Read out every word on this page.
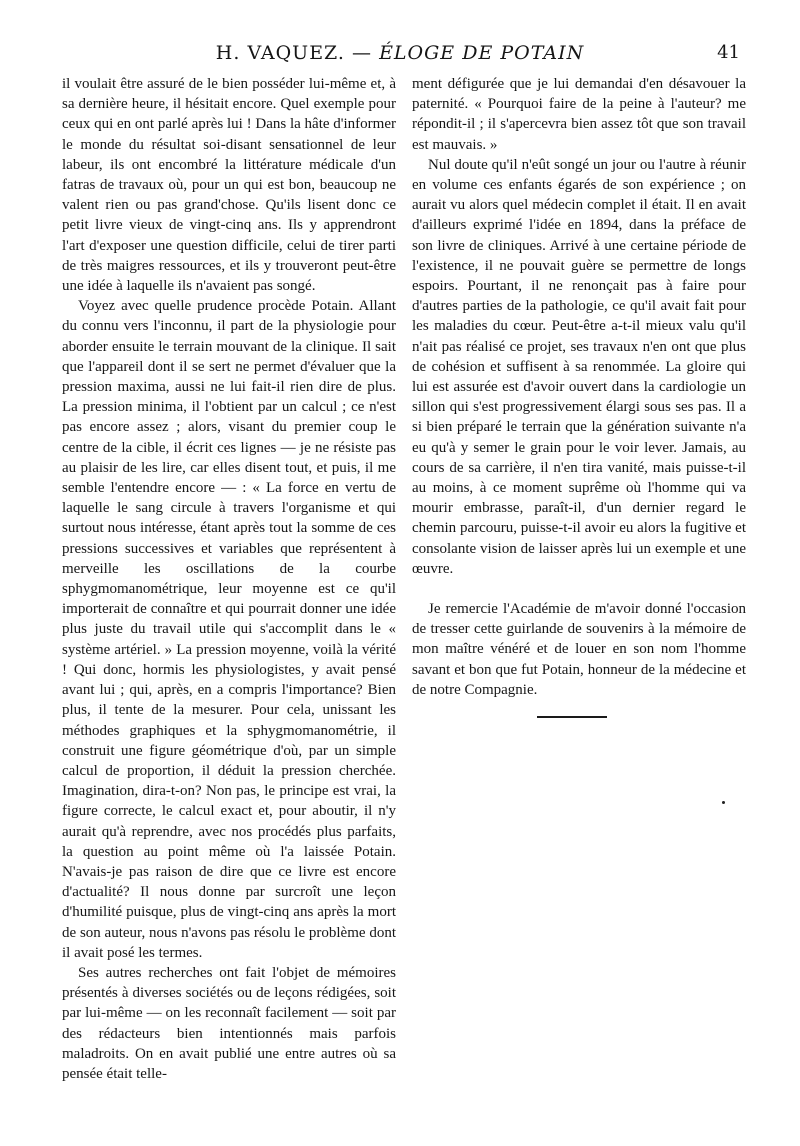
H. VAQUEZ. — ÉLOGE DE POTAIN	41

il voulait être assuré de le bien posséder lui-même et, à sa dernière heure, il hésitait encore. Quel exemple pour ceux qui en ont parlé après lui ! Dans la hâte d'informer le monde du résultat soi-disant sensationnel de leur labeur, ils ont encombré la littérature médicale d'un fatras de travaux où, pour un qui est bon, beaucoup ne valent rien ou pas grand'chose. Qu'ils lisent donc ce petit livre vieux de vingt-cinq ans. Ils y apprendront l'art d'exposer une question difficile, celui de tirer parti de très maigres ressources, et ils y trouveront peut-être une idée à laquelle ils n'avaient pas songé.

Voyez avec quelle prudence procède Potain. Allant du connu vers l'inconnu, il part de la physiologie pour aborder ensuite le terrain mouvant de la clinique. Il sait que l'appareil dont il se sert ne permet d'évaluer que la pression maxima, aussi ne lui fait-il rien dire de plus. La pression minima, il l'obtient par un calcul ; ce n'est pas encore assez ; alors, visant du premier coup le centre de la cible, il écrit ces lignes — je ne résiste pas au plaisir de les lire, car elles disent tout, et puis, il me semble l'entendre encore — : « La force en vertu de laquelle le sang circule à travers l'organisme et qui surtout nous intéresse, étant après tout la somme de ces pressions successives et variables que représentent à merveille les oscillations de la courbe sphygmomanométrique, leur moyenne est ce qu'il importerait de connaître et qui pourrait donner une idée plus juste du travail utile qui s'accomplit dans le « système artériel. » La pression moyenne, voilà la vérité ! Qui donc, hormis les physiologistes, y avait pensé avant lui ; qui, après, en a compris l'importance? Bien plus, il tente de la mesurer. Pour cela, unissant les méthodes graphiques et la sphygmomanométrie, il construit une figure géométrique d'où, par un simple calcul de proportion, il déduit la pression cherchée. Imagination, dira-t-on? Non pas, le principe est vrai, la figure correcte, le calcul exact et, pour aboutir, il n'y aurait qu'à reprendre, avec nos procédés plus parfaits, la question au point même où l'a laissée Potain. N'avais-je pas raison de dire que ce livre est encore d'actualité? Il nous donne par surcroît une leçon d'humilité puisque, plus de vingt-cinq ans après la mort de son auteur, nous n'avons pas résolu le problème dont il avait posé les termes.

Ses autres recherches ont fait l'objet de mémoires présentés à diverses sociétés ou de leçons rédigées, soit par lui-même — on les reconnaît facilement — soit par des rédacteurs bien intentionnés mais parfois maladroits. On en avait publié une entre autres où sa pensée était telle-

ment défigurée que je lui demandai d'en désavouer la paternité. « Pourquoi faire de la peine à l'auteur? me répondit-il ; il s'apercevra bien assez tôt que son travail est mauvais. »

Nul doute qu'il n'eût songé un jour ou l'autre à réunir en volume ces enfants égarés de son expérience ; on aurait vu alors quel médecin complet il était. Il en avait d'ailleurs exprimé l'idée en 1894, dans la préface de son livre de cliniques. Arrivé à une certaine période de l'existence, il ne pouvait guère se permettre de longs espoirs. Pourtant, il ne renonçait pas à faire pour d'autres parties de la pathologie, ce qu'il avait fait pour les maladies du cœur. Peut-être a-t-il mieux valu qu'il n'ait pas réalisé ce projet, ses travaux n'en ont que plus de cohésion et suffisent à sa renommée. La gloire qui lui est assurée est d'avoir ouvert dans la cardiologie un sillon qui s'est progressivement élargi sous ses pas. Il a si bien préparé le terrain que la génération suivante n'a eu qu'à y semer le grain pour le voir lever. Jamais, au cours de sa carrière, il n'en tira vanité, mais puisse-t-il au moins, à ce moment suprême où l'homme qui va mourir embrasse, paraît-il, d'un dernier regard le chemin parcouru, puisse-t-il avoir eu alors la fugitive et consolante vision de laisser après lui un exemple et une œuvre.

Je remercie l'Académie de m'avoir donné l'occasion de tresser cette guirlande de souvenirs à la mémoire de mon maître vénéré et de louer en son nom l'homme savant et bon que fut Potain, honneur de la médecine et de notre Compagnie.
